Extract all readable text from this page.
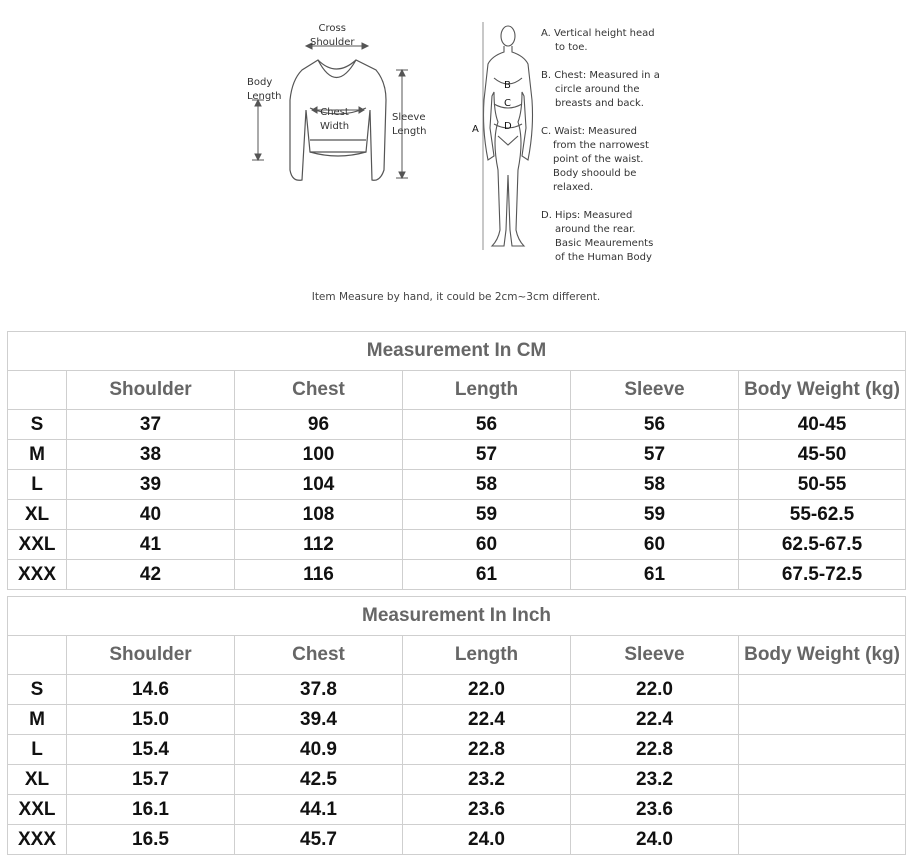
Cross
Shoulder
Body
Length
Chest
Width
Sleeve
Length	A
B
C
D
A. Vertical height head
to toe.
B. Chest: Measured in a
circle around the
breasts and back.
C. Waist: Measured
from the narrowest
point of the waist.
Body shoould be
relaxed.
D. Hips: Measured
around the rear.
Basic Meaurements
of the Human Body
Item Measure by hand, it could be 2cm~3cm different.
Measurement In CM					
	Shoulder	Chest	Length	Sleeve	Body Weight (kg)
S	37	96	56	56	40-45
M	38	100	57	57	45-50
L	39	104	58	58	50-55
XL	40	108	59	59	55-62.5
XXL	41	112	60	60	62.5-67.5
XXX	42	116	61	61	67.5-72.5
Measurement In Inch					
	Shoulder	Chest	Length	Sleeve	Body Weight (kg)
S	14.6	37.8	22.0	22.0	
M	15.0	39.4	22.4	22.4	
L	15.4	40.9	22.8	22.8	
XL	15.7	42.5	23.2	23.2	
XXL	16.1	44.1	23.6	23.6	
XXX	16.5	45.7	24.0	24.0	
